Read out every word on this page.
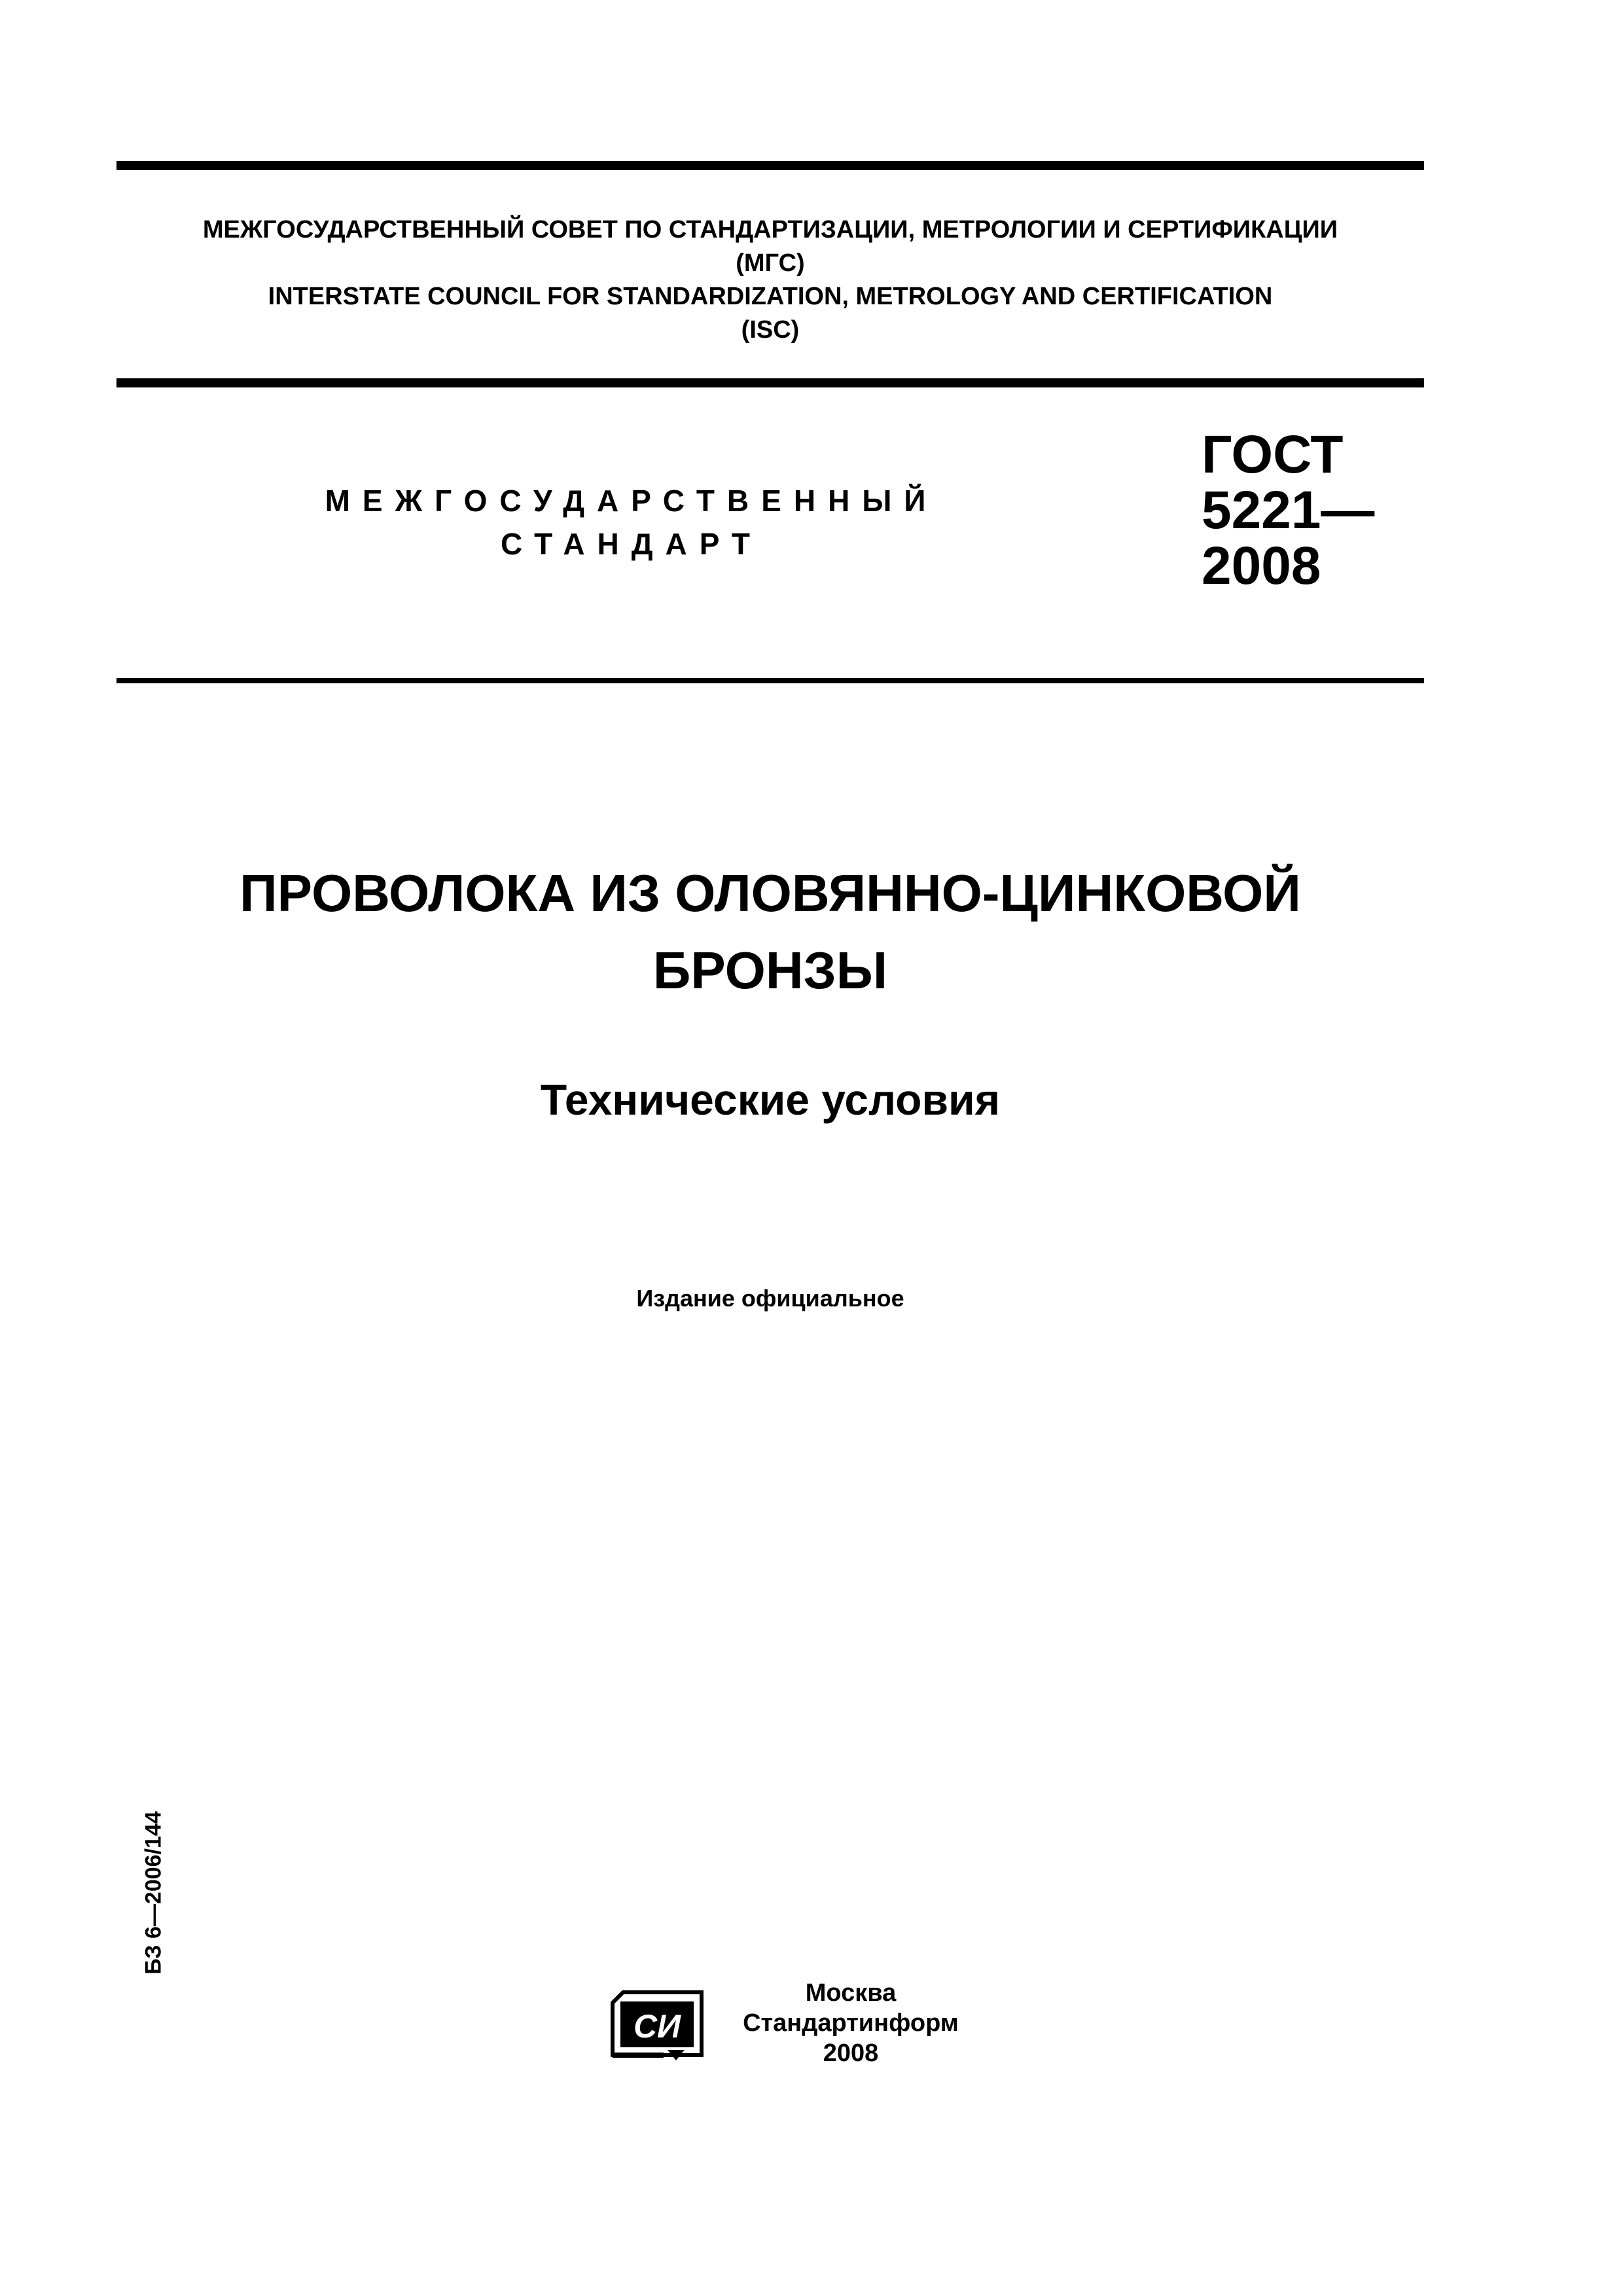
МЕЖГОСУДАРСТВЕННЫЙ СОВЕТ ПО СТАНДАРТИЗАЦИИ, МЕТРОЛОГИИ И СЕРТИФИКАЦИИ
(МГС)
INTERSTATE COUNCIL FOR STANDARDIZATION, METROLOGY AND CERTIFICATION
(ISC)
МЕЖГОСУДАРСТВЕННЫЙ
СТАНДАРТ
ГОСТ
5221—
2008
ПРОВОЛОКА ИЗ ОЛОВЯННО-ЦИНКОВОЙ
БРОНЗЫ
Технические условия
Издание официальное
БЗ 6—2006/144
СИ
Москва
Стандартинформ
2008
